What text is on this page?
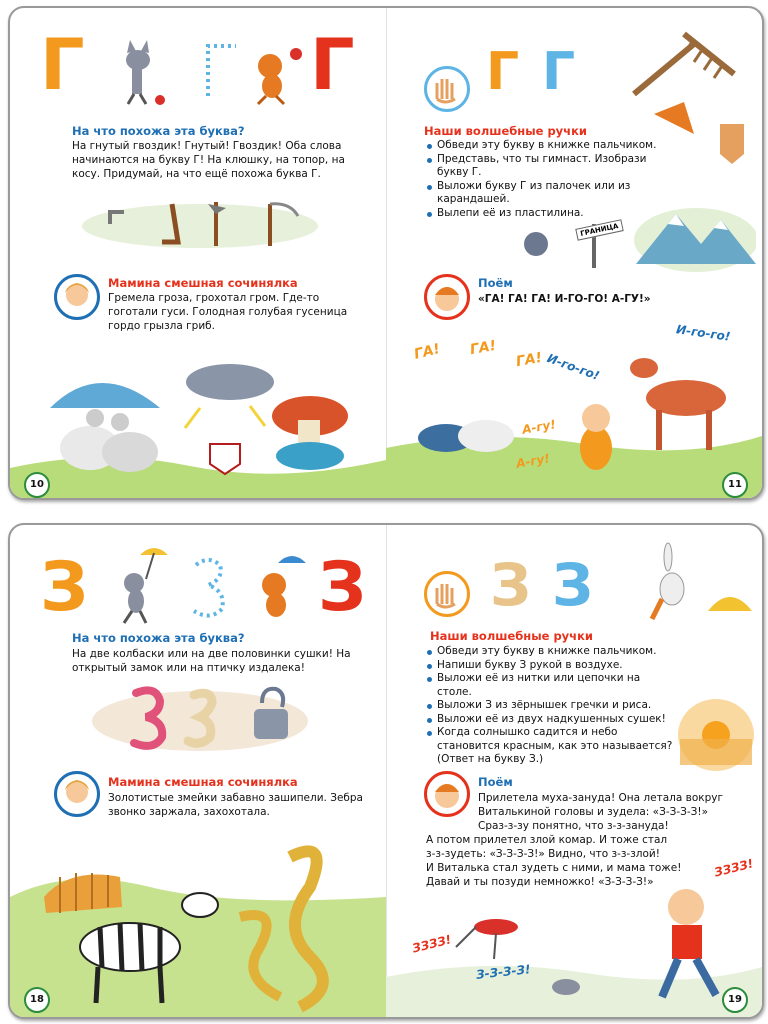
Г	Г
На что похожа эта буква?
На гнутый гвоздик! Гнутый! Гвоздик! Оба слова начинаются на букву Г! На клюшку, на топор, на косу. Придумай, на что ещё похожа буква Г.
Мамина смешная сочинялка
Гремела гроза, грохотал гром. Где-то гоготали гуси. Голодная голубая гусеница гордо грызла гриб.
10
Г Г
Наши волшебные ручки
Обведи эту букву в книжке пальчиком.
Представь, что ты гимнаст. Изобрази букву Г.
Выложи букву Г из палочек или из карандашей.
Вылепи её из пластилина.
ГРАНИЦА
Поём
«ГА! ГА! ГА! И-ГО-ГО! А-ГУ!»
ГА! ГА!
ГА! И-го-го!
И-го-го!
А-гу!
А-гу!
11
З	З
На что похожа эта буква?
На две колбаски или на две половинки сушки! На открытый замок или на птичку издалека!
Мамина смешная сочинялка
Золотистые змейки забавно зашипели. Зебра звонко заржала, захохотала.
18
З З
Наши волшебные ручки
Обведи эту букву в книжке пальчиком.
Напиши букву З рукой в воздухе.
Выложи её из нитки или цепочки на столе.
Выложи З из зёрнышек гречки и риса.
Выложи её из двух надкушенных сушек!
Когда солнышко садится и небо становится красным, как это называется? (Ответ на букву З.)
Поём
Прилетела муха-зануда! Она летала вокруг
Виталькиной головы и зудела: «З-З-З-З!»
Сраз-з-зу понятно, что з-з-зануда!
А потом прилетел злой комар. И тоже стал
з-з-зудеть: «З-З-З-З!» Видно, что з-з-злой!
И Виталька стал зудеть с ними, и мама тоже!
Давай и ты позуди немножко! «З-З-З-З!»
ЗЗЗЗ!
ЗЗЗЗ!
З-З-З-З!
19
